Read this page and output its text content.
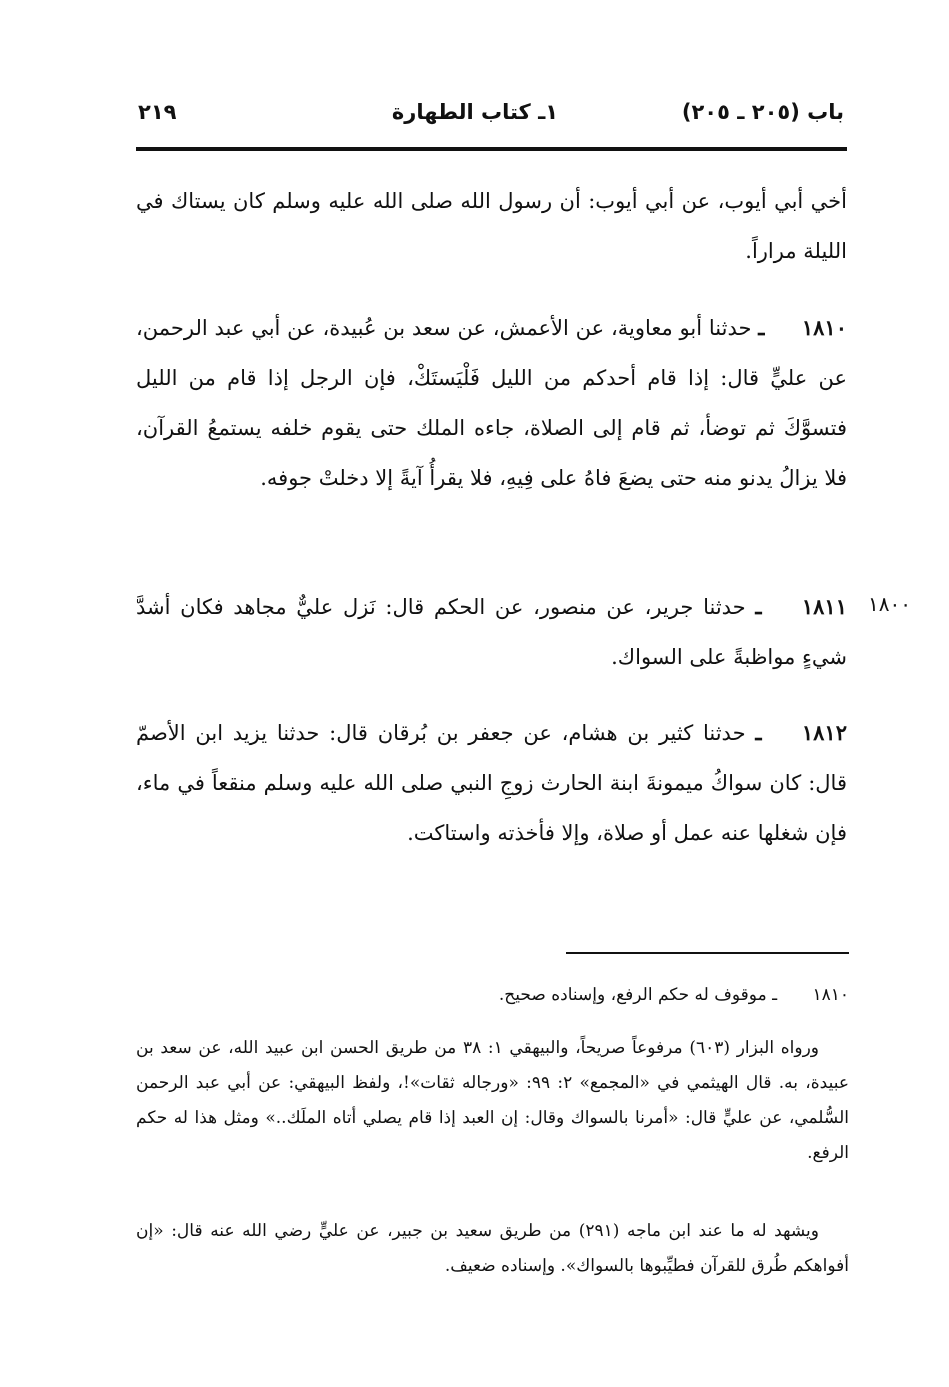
باب (٢٠٥ ـ ٢٠٥)
١ـ كتاب الطهارة
٢١٩
أخي أبي أيوب، عن أبي أيوب: أن رسول الله صلى الله عليه وسلم كان يستاك في الليلة مراراً.
١٨١٠ ـ حدثنا أبو معاوية، عن الأعمش، عن سعد بن عُبيدة، عن أبي عبد الرحمن، عن عليٍّ قال: إذا قام أحدكم من الليل فَلْيَستَكْ، فإن الرجل إذا قام من الليل فتسوَّكَ ثم توضأ، ثم قام إلى الصلاة، جاءه الملك حتى يقوم خلفه يستمعُ القرآن، فلا يزالُ يدنو منه حتى يضعَ فاهُ على فِيهِ، فلا يقرأُ آيةً إلا دخلتْ جوفه.
١٨١١ ـ حدثنا جرير، عن منصور، عن الحكم قال: نَزل عليٌّ مجاهد فكان أشدَّ شيءٍ مواظبةً على السواك.
١٨٠٠
١٨١٢ ـ حدثنا كثير بن هشام، عن جعفر بن بُرقان قال: حدثنا يزيد ابن الأصمّ قال: كان سواكُ ميمونةَ ابنة الحارث زوجِ النبي صلى الله عليه وسلم منقعاً في ماء، فإن شغلها عنه عمل أو صلاة، وإلا فأخذته واستاكت.
١٨١٠ ـ موقوف له حكم الرفع، وإسناده صحيح.
ورواه البزار (٦٠٣) مرفوعاً صريحاً، والبيهقي ١: ٣٨ من طريق الحسن ابن عبيد الله، عن سعد بن عبيدة، به. قال الهيثمي في «المجمع» ٢: ٩٩: «ورجاله ثقات»!، ولفظ البيهقي: عن أبي عبد الرحمن السُّلمي، عن عليٍّ قال: «أمرنا بالسواك وقال: إن العبد إذا قام يصلي أتاه الملَك..» ومثل هذا له حكم الرفع.
ويشهد له ما عند ابن ماجه (٢٩١) من طريق سعيد بن جبير، عن عليٍّ رضي الله عنه قال: «إن أفواهكم طُرق للقرآن فطيِّبوها بالسواك». وإسناده ضعيف.
